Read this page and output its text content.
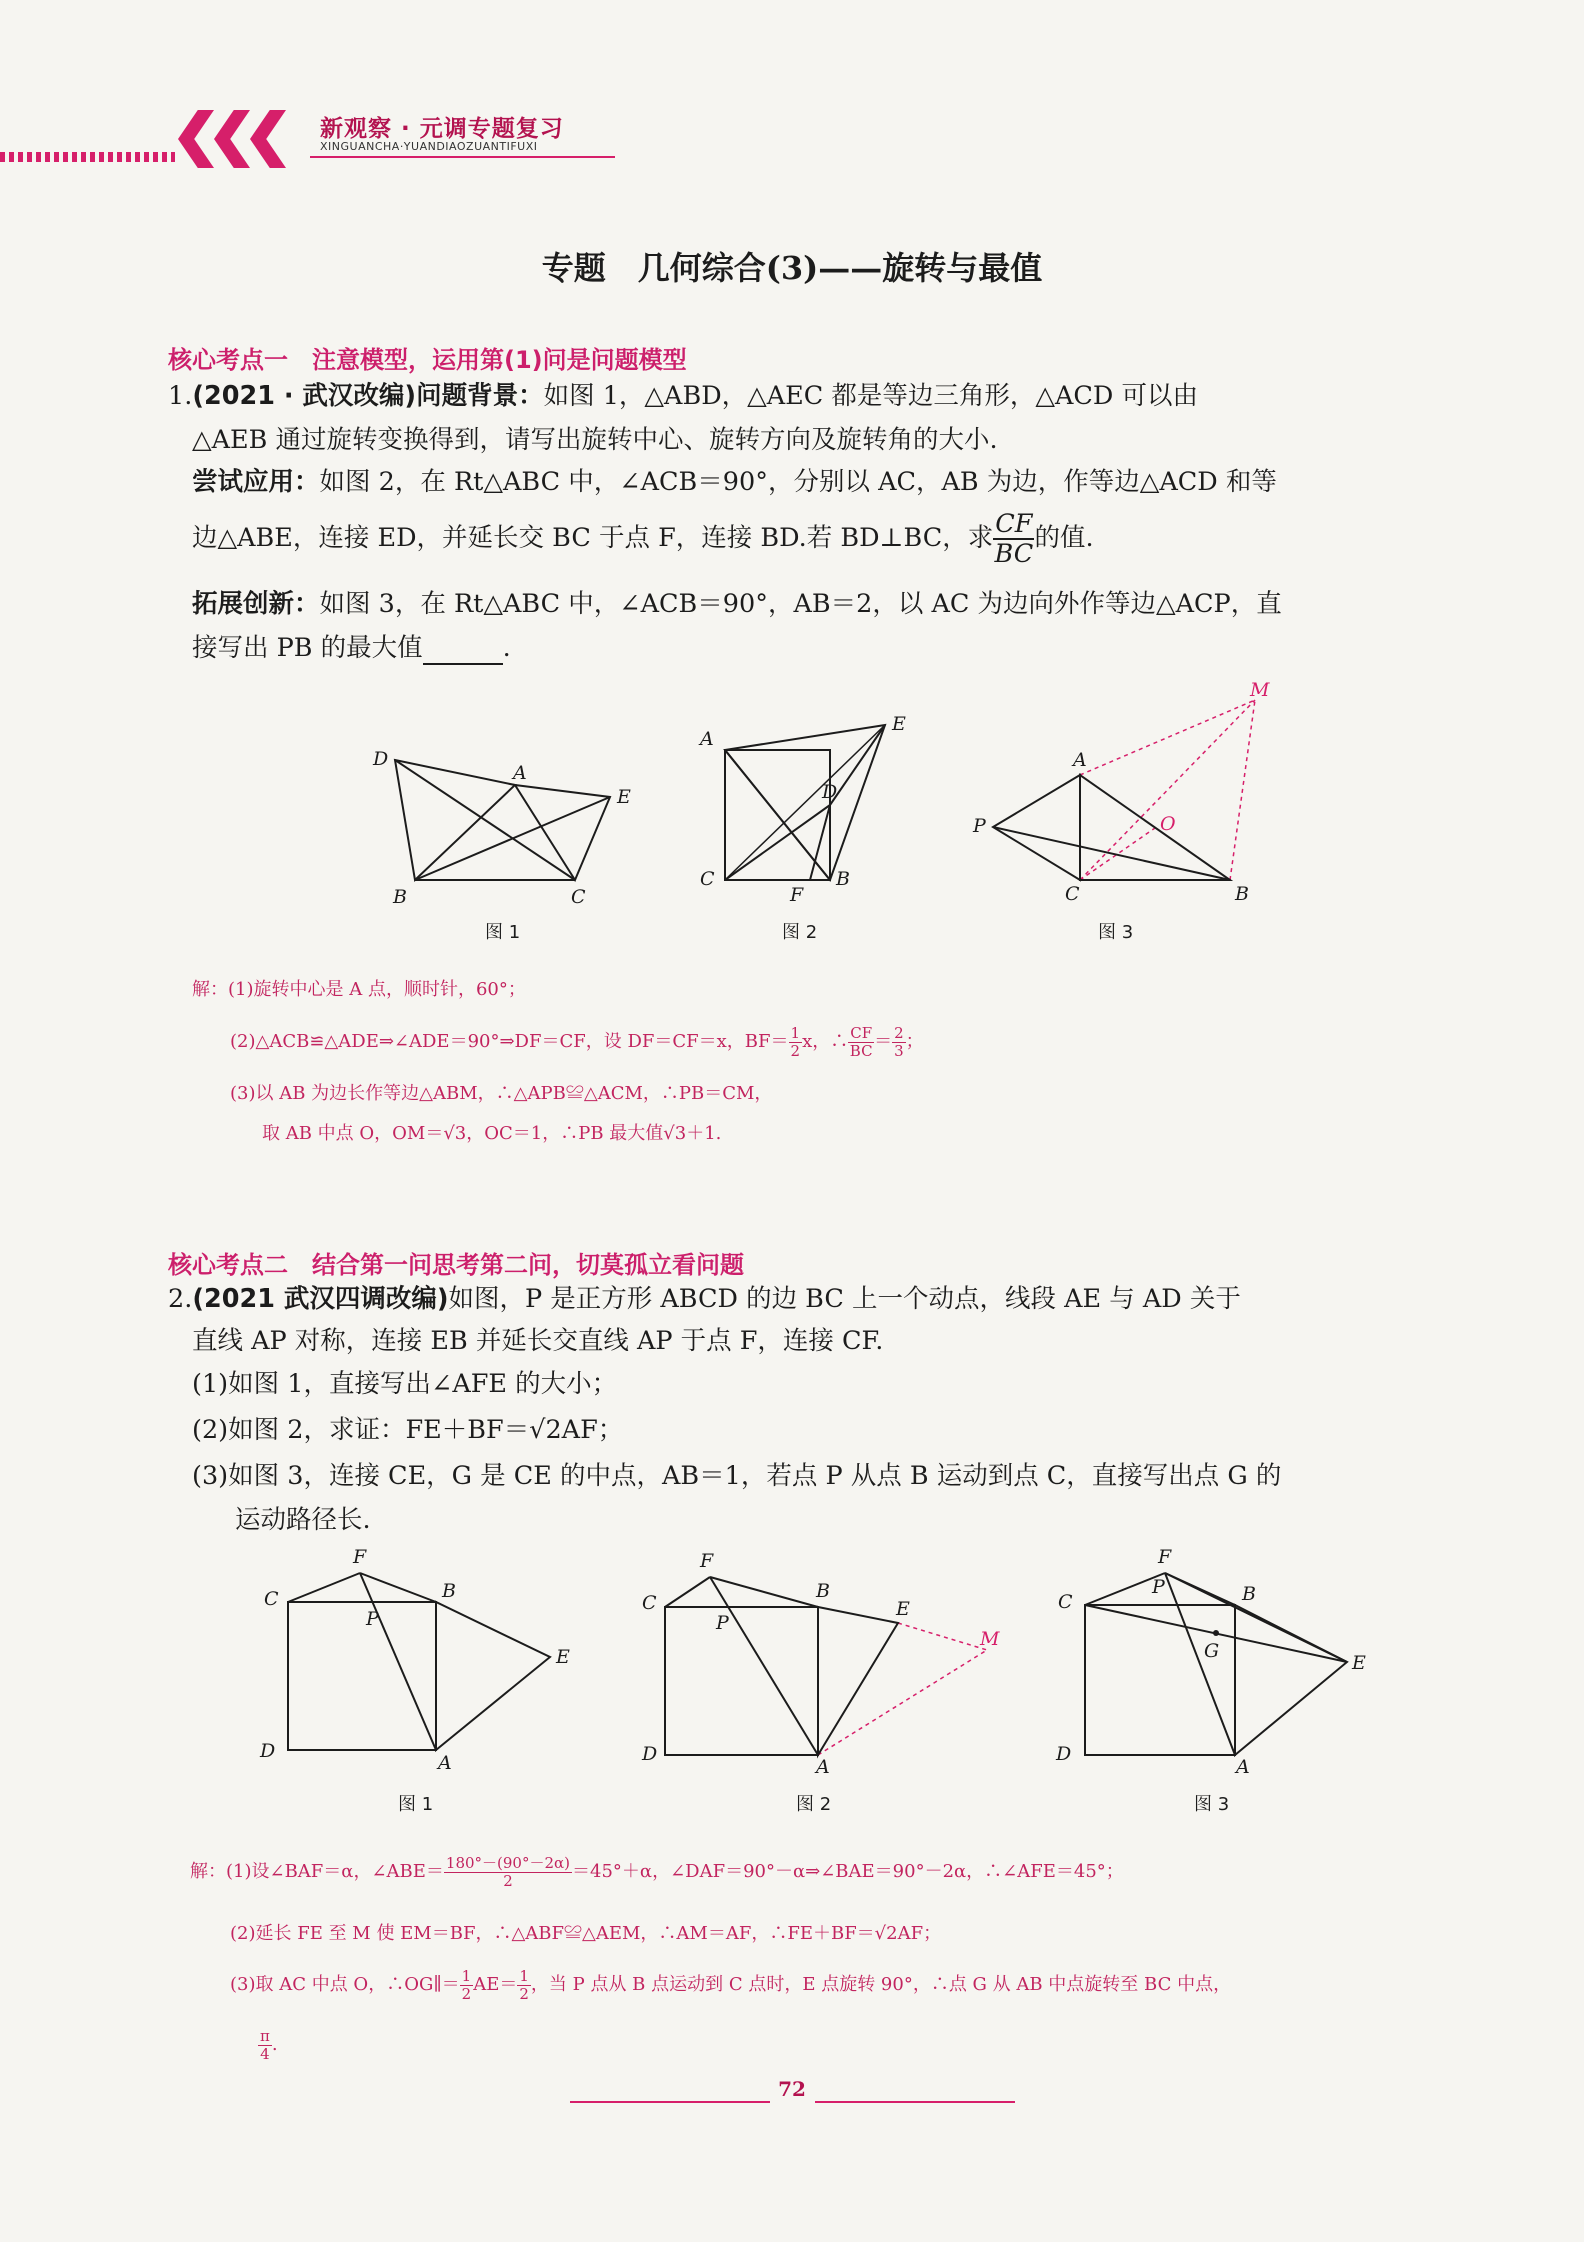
新观察 · 元调专题复习
XINGUANCHA·YUANDIAOZUANTIFUXI
专题　几何综合(3)——旋转与最值
核心考点一　注意模型，运用第(1)问是问题模型
1.(2021 · 武汉改编)问题背景：如图 1，△ABD，△AEC 都是等边三角形，△ACD 可以由
△AEB 通过旋转变换得到，请写出旋转中心、旋转方向及旋转角的大小.
尝试应用：如图 2，在 Rt△ABC 中，∠ACB＝90°，分别以 AC，AB 为边，作等边△ACD 和等
边△ABE，连接 ED，并延长交 BC 于点 F，连接 BD.若 BD⊥BC，求 $\frac{CF}{BC}$ 的值.
拓展创新：如图 3，在 Rt△ABC 中，∠ACB＝90°，AB＝2，以 AC 为边向外作等边△ACP，直
接写出 PB 的最大值	.
D
A
E
B	C
图 1
A
E
D
C
F
B
图 2
A
P
C	B
M
O
图 3
解：(1)旋转中心是 A 点，顺时针，60°；
(2)△ACB≌△ADE⇒∠ADE＝90°⇒DF＝CF，设 DF＝CF＝x，$BF= \frac{1}{2}$ x，∴ $\frac{CF}{BC} = \frac{2}{3}$ ；
(3)以 AB 为边长作等边△ABM，∴△APB≌△ACM，∴PB＝CM，
取 AB 中点 O，OM＝√3，OC＝1，∴PB 最大值√3＋1.
核心考点二　结合第一问思考第二问，切莫孤立看问题
2.(2021 武汉四调改编)如图，P 是正方形 ABCD 的边 BC 上一个动点，线段 AE 与 AD 关于
直线 AP 对称，连接 EB 并延长交直线 AP 于点 F，连接 CF.
(1)如图 1，直接写出∠AFE 的大小；
(2)如图 2，求证：FE＋BF＝√2AF；
(3)如图 3，连接 CE，G 是 CE 的中点，AB＝1，若点 P 从点 B 运动到点 C，直接写出点 G 的
运动路径长.
F
C	B
P
E
D
A
图 1
F
C
B
P
E
M
D
A
图 2
F
C	B
P
G
E
D
A
图 3
解：(1)设∠BAF＝α，∠ABE＝ $\frac{180^\circ-(90^\circ-2\alpha)}{2} =45^\circ+\alpha$，∠DAF＝90°－α⇒∠BAE＝90°－2α，∴∠AFE＝45°；
(2)延长 FE 至 M 使 EM＝BF，∴△ABF≌△AEM，∴AM＝AF，∴FE＋BF＝√2AF；
(3)取 AC 中点 O，∴OG∥＝ $\frac{1}{2} AE= \frac{1}{2}$ ，当 P 点从 B 点运动到 C 点时，E 点旋转 90°，∴点 G 从 AB 中点旋转至 BC 中点，
$\frac{\pi}{4}$ .
72
